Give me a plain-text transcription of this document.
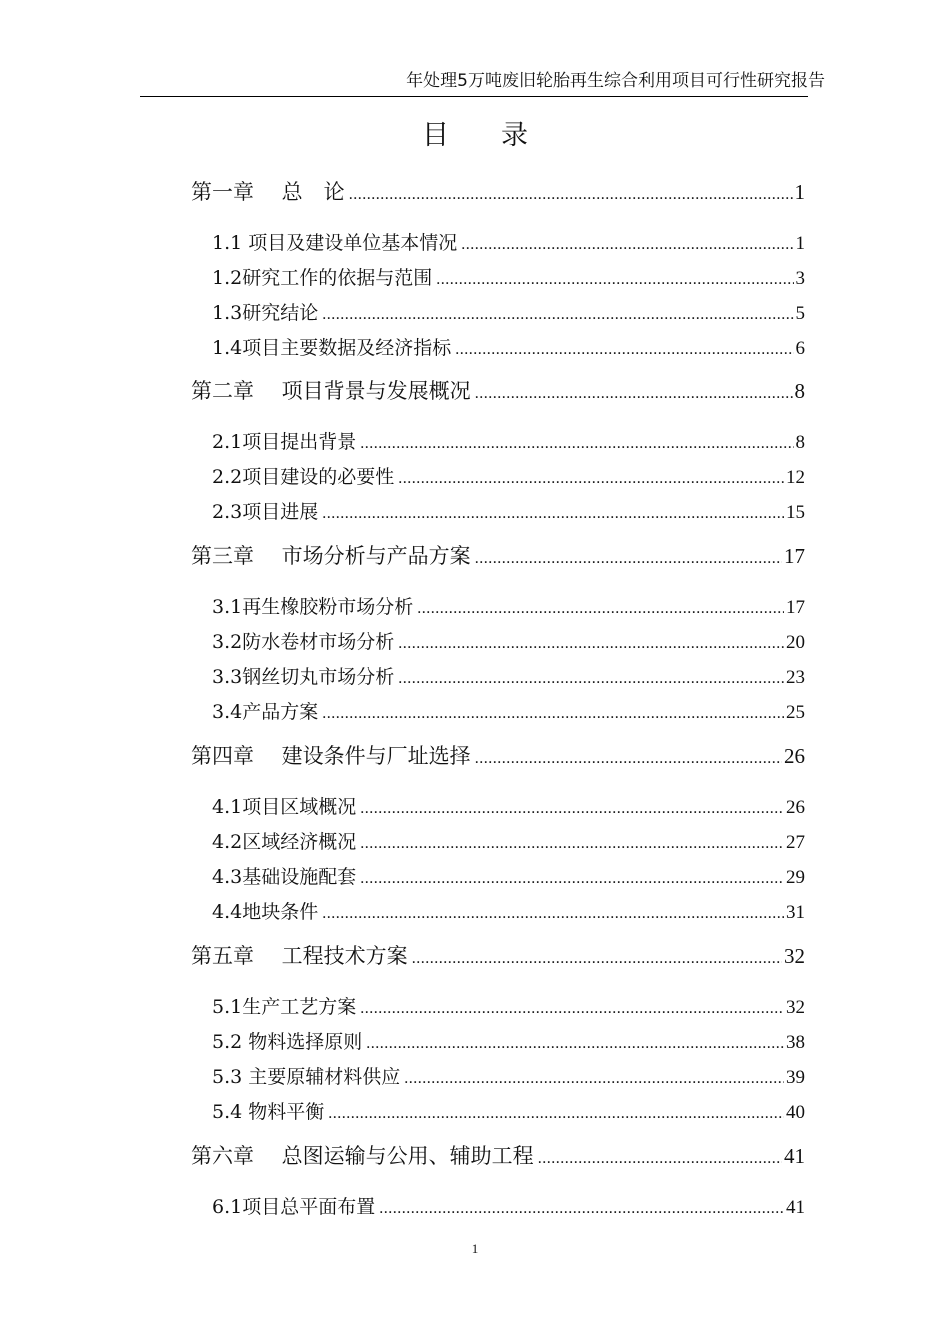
年处理5万吨废旧轮胎再生综合利用项目可行性研究报告
目录
第一章　 总　论 .....	1
1.1 项目及建设单位基本情况 .....	1
1.2 研究工作的依据与范围 .....	3
1.3 研究结论 .....	5
1.4 项目主要数据及经济指标 .....	6
第二章　 项目背景与发展概况 .....	8
2.1 项目提出背景 .....	8
2.2 项目建设的必要性 .....	12
2.3 项目进展 .....	15
第三章　 市场分析与产品方案 .....	17
3.1 再生橡胶粉市场分析 .....	17
3.2 防水卷材市场分析 .....	20
3.3 钢丝切丸市场分析 .....	23
3.4 产品方案 .....	25
第四章　 建设条件与厂址选择 .....	26
4.1 项目区域概况 .....	26
4.2 区域经济概况 .....	27
4.3 基础设施配套 .....	29
4.4 地块条件 .....	31
第五章　 工程技术方案 .....	32
5.1 生产工艺方案 .....	32
5.2 物料选择原则 .....	38
5.3 主要原辅材料供应 .....	39
5.4 物料平衡 .....	40
第六章　 总图运输与公用、辅助工程 .....	41
6.1 项目总平面布置 .....	41
1
